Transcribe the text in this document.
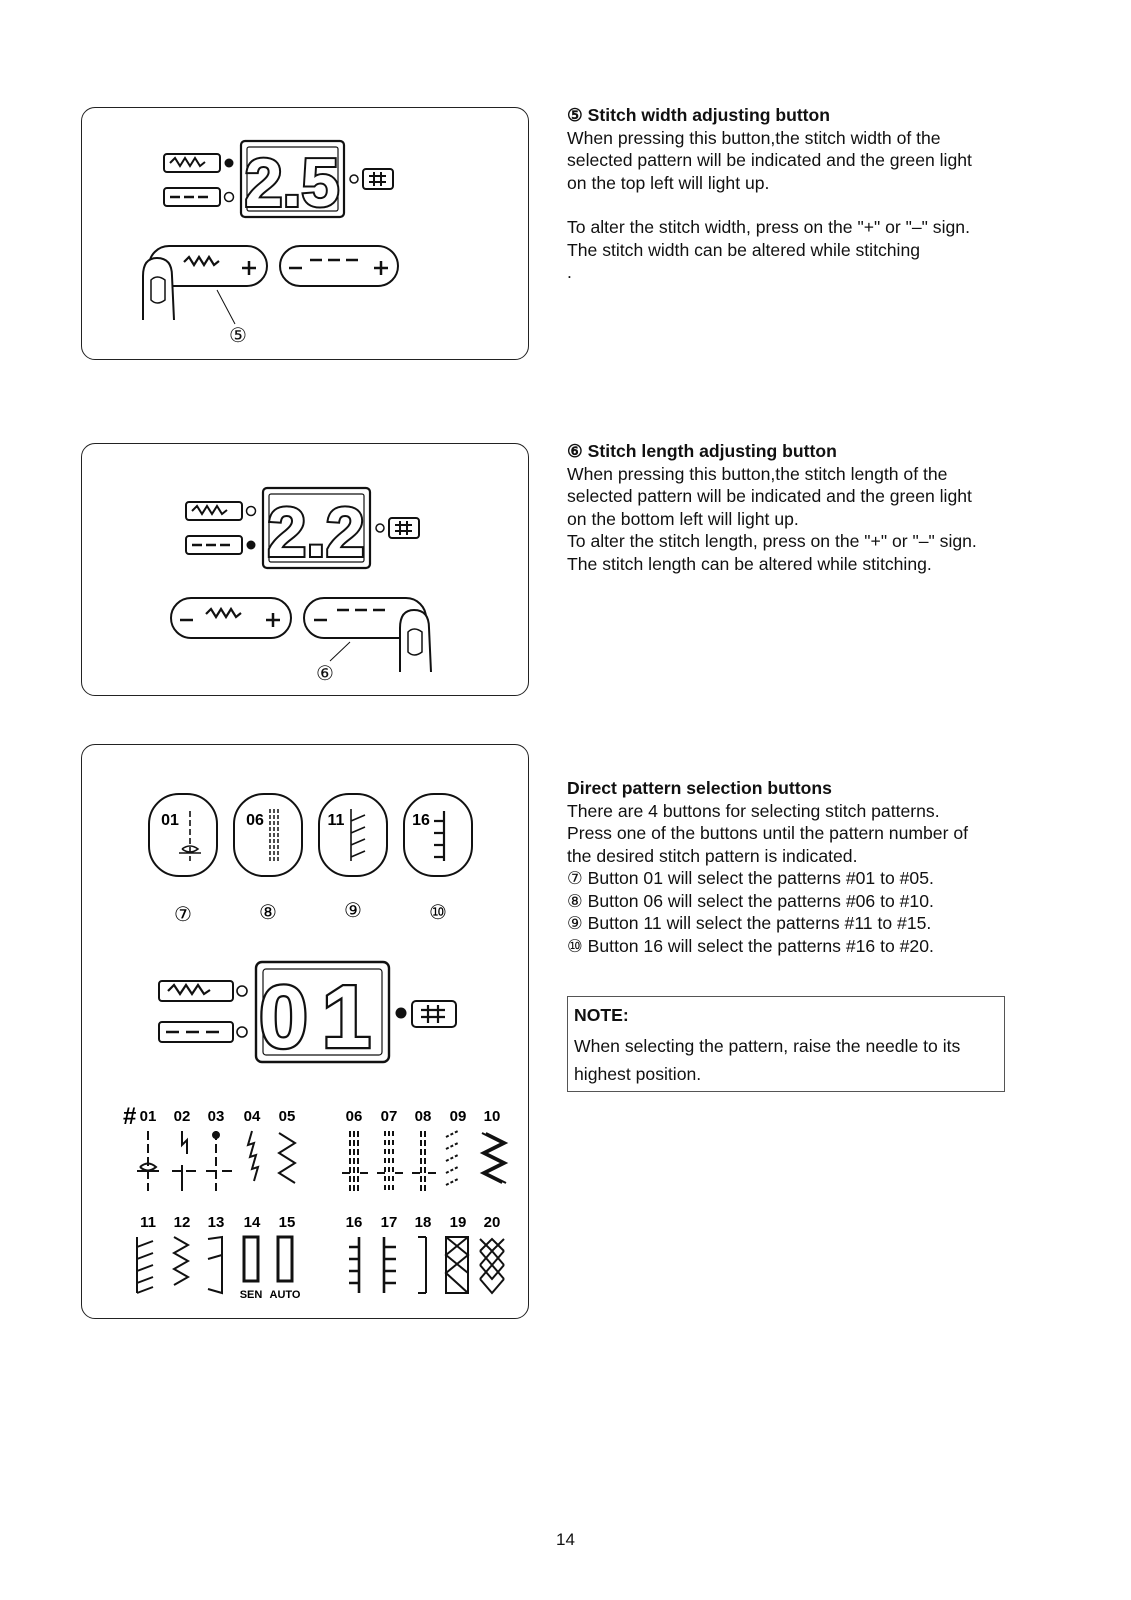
2.5
⑤

⑤ Stitch width adjusting button

When pressing this button,the stitch width of the

selected pattern will be indicated and the green light

on the top left will light up.

To alter the stitch width, press on the "+" or "–" sign.

The stitch width can be altered while stitching

.

2.2
⑥

⑥ Stitch length adjusting button

When pressing this button,the stitch length of the

selected pattern will be indicated and the green light

on the bottom left will light up.

To alter the stitch length, press on the "+" or "–" sign.

The stitch length can be altered while stitching.

01	06	11	16
⑦	⑧	⑨	⑩
01
# 01 02 03 04 05	06 07 08 09 10
11 12 13 14 15	16 17 18 19 20
SEN AUTO

Direct pattern selection buttons

There are 4 buttons for selecting stitch patterns.

Press one of the buttons until the pattern number of

the desired stitch pattern is indicated.

⑦ Button 01 will select the patterns #01 to #05.

⑧ Button 06 will select the patterns #06 to #10.

⑨ Button 11 will select the patterns #11 to #15.

⑩ Button 16 will select the patterns #16 to #20.

NOTE:
When selecting the pattern, raise the needle to its highest position.
14
